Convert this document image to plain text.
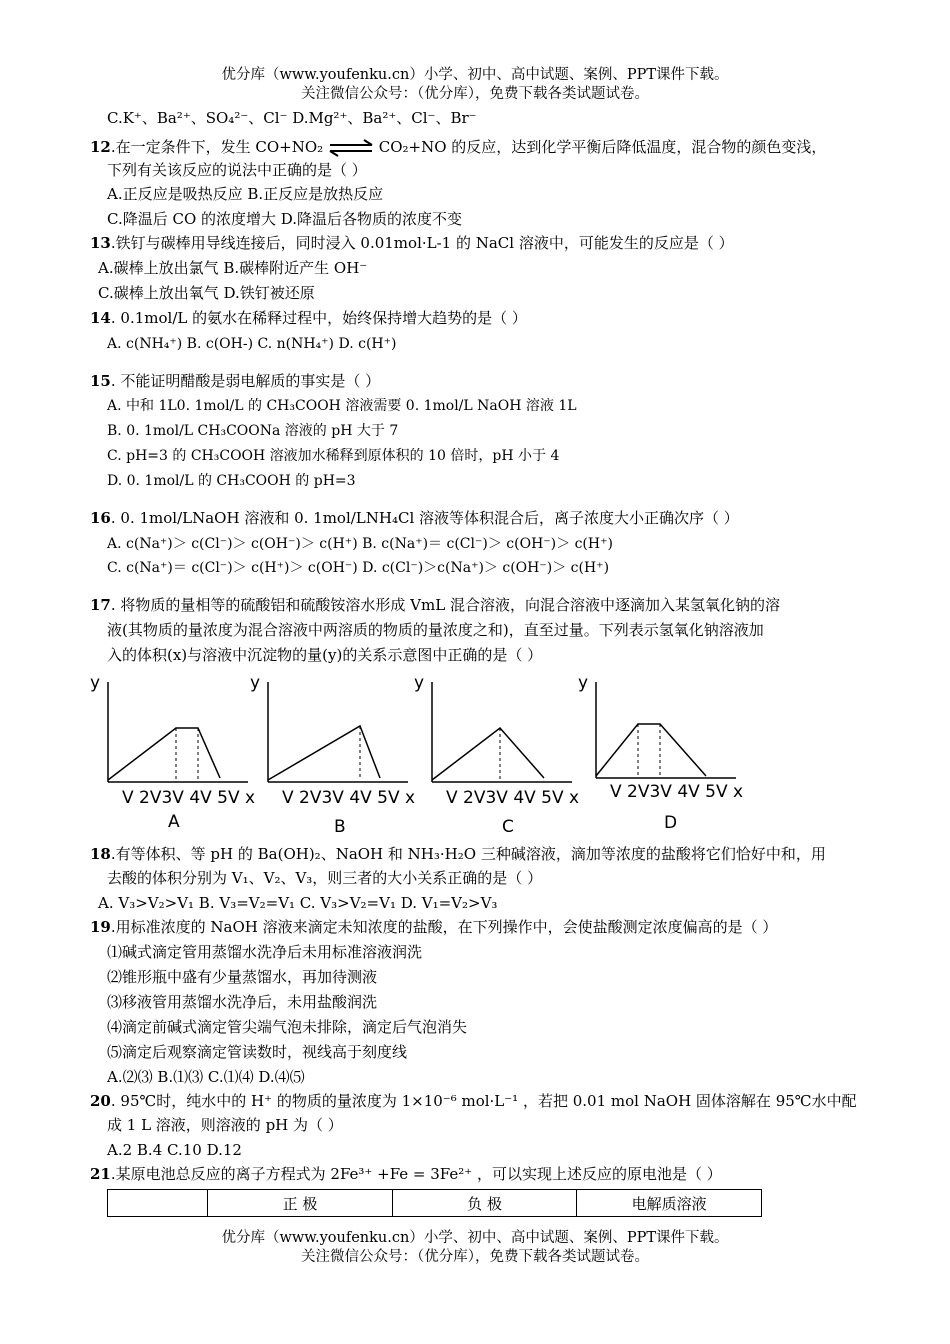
优分库（www.youfenku.cn）小学、初中、高中试题、案例、PPT课件下载。
关注微信公众号：（优分库），免费下载各类试题试卷。
C.K⁺、Ba²⁺、SO₄²⁻、Cl⁻ D.Mg²⁺、Ba²⁺、Cl⁻、Br⁻
12.在一定条件下，发生 CO+NO₂ ⇌ CO₂+NO 的反应，达到化学平衡后降低温度，混合物的颜色变浅，
下列有关该反应的说法中正确的是（ ）
A.正反应是吸热反应 B.正反应是放热反应
C.降温后 CO 的浓度增大 D.降温后各物质的浓度不变
13.铁钉与碳棒用导线连接后，同时浸入 0.01mol·L-1 的 NaCl 溶液中，可能发生的反应是（ ）
A.碳棒上放出氯气 B.碳棒附近产生 OH⁻
C.碳棒上放出氧气 D.铁钉被还原
14. 0.1mol/L 的氨水在稀释过程中，始终保持增大趋势的是（ ）
A. c(NH₄⁺) B. c(OH-) C. n(NH₄⁺) D. c(H⁺)
15. 不能证明醋酸是弱电解质的事实是（ ）
A. 中和 1L0. 1mol/L 的 CH₃COOH 溶液需要 0. 1mol/L NaOH 溶液 1L
B. 0. 1mol/L CH₃COONa 溶液的 pH 大于 7
C. pH=3 的 CH₃COOH 溶液加水稀释到原体积的 10 倍时，pH 小于 4
D. 0. 1mol/L 的 CH₃COOH 的 pH=3
16. 0. 1mol/LNaOH 溶液和 0. 1mol/LNH₄Cl 溶液等体积混合后，离子浓度大小正确次序（ ）
A. c(Na⁺)＞ c(Cl⁻)＞ c(OH⁻)＞ c(H⁺) B. c(Na⁺)＝ c(Cl⁻)＞ c(OH⁻)＞ c(H⁺)
C. c(Na⁺)＝ c(Cl⁻)＞ c(H⁺)＞ c(OH⁻) D. c(Cl⁻)＞c(Na⁺)＞ c(OH⁻)＞ c(H⁺)
17. 将物质的量相等的硫酸铝和硫酸铵溶水形成 VmL 混合溶液，向混合溶液中逐滴加入某氢氧化钠的溶
液(其物质的量浓度为混合溶液中两溶质的物质的量浓度之和)，直至过量。下列表示氢氧化钠溶液加
入的体积(x)与溶液中沉淀物的量(y)的关系示意图中正确的是（ ）
y
V 2V3V 4V 5V x
A
y
V 2V3V 4V 5V x
B
y
V 2V3V 4V 5V x
C
y
V 2V3V 4V 5V x
D
18.有等体积、等 pH 的 Ba(OH)₂、NaOH 和 NH₃·H₂O 三种碱溶液，滴加等浓度的盐酸将它们恰好中和，用
去酸的体积分别为 V₁、V₂、V₃，则三者的大小关系正确的是（ ）
A. V₃>V₂>V₁ B. V₃=V₂=V₁ C. V₃>V₂=V₁ D. V₁=V₂>V₃
19.用标准浓度的 NaOH 溶液来滴定未知浓度的盐酸，在下列操作中，会使盐酸测定浓度偏高的是（ ）
⑴碱式滴定管用蒸馏水洗净后未用标准溶液润洗
⑵锥形瓶中盛有少量蒸馏水，再加待测液
⑶移液管用蒸馏水洗净后，未用盐酸润洗
⑷滴定前碱式滴定管尖端气泡未排除，滴定后气泡消失
⑸滴定后观察滴定管读数时，视线高于刻度线
A.⑵⑶ B.⑴⑶ C.⑴⑷ D.⑷⑸
20. 95℃时，纯水中的 H⁺ 的物质的量浓度为 1×10⁻⁶ mol·L⁻¹ ，若把 0.01 mol NaOH 固体溶解在 95℃水中配
成 1 L 溶液，则溶液的 pH 为（ ）
A.2 B.4 C.10 D.12
21.某原电池总反应的离子方程式为 2Fe³⁺ +Fe = 3Fe²⁺ ，可以实现上述反应的原电池是（ ）
	正 极	负 极	电解质溶液
优分库（www.youfenku.cn）小学、初中、高中试题、案例、PPT课件下载。
关注微信公众号：（优分库），免费下载各类试题试卷。
